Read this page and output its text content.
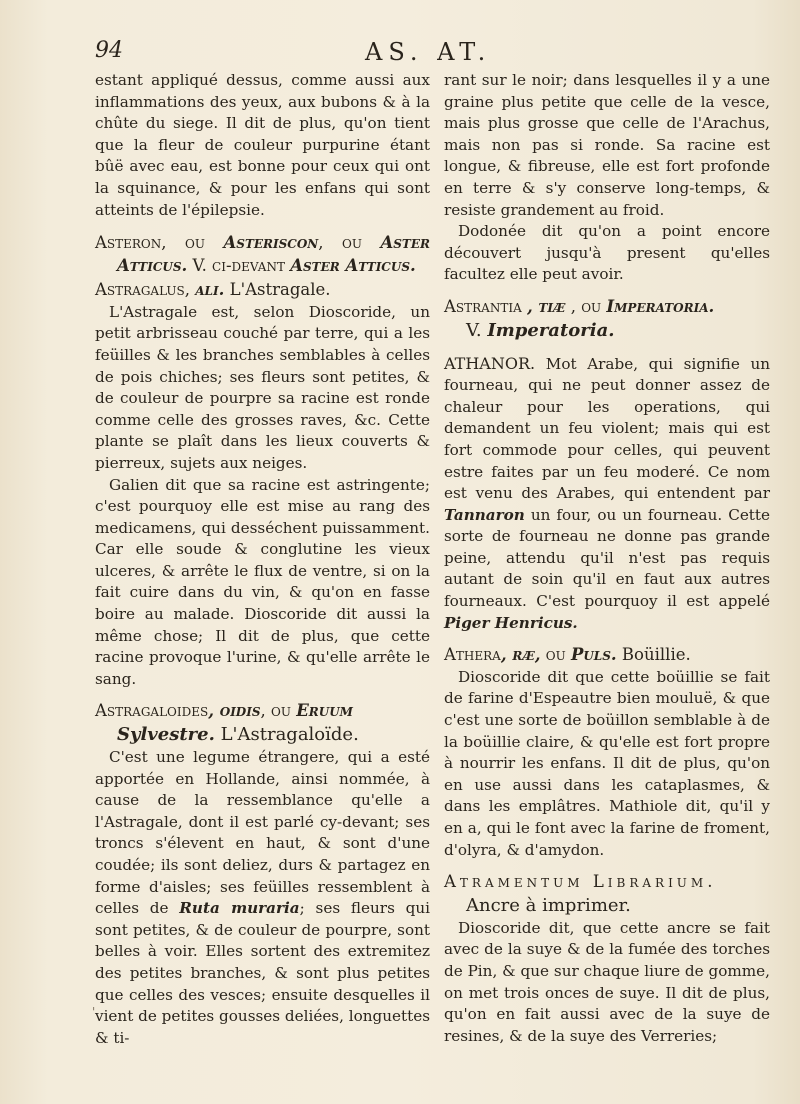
94	AS. AT.

estant appliqué dessus, comme aussi aux inflammations des yeux, aux bubons & à la chûte du siege. Il dit de plus, qu'on tient que la fleur de couleur purpurine étant bûë avec eau, est bonne pour ceux qui ont la squinance, & pour les enfans qui sont atteints de l'épilepsie.

Asteron, ou Asteriscon, ou Aster Atticus. V. ci-devant Aster Atticus.
Astragalus, ali. L'Astragale.

L'Astragale est, selon Dioscoride, un petit arbrisseau couché par terre, qui a les feüilles & les branches semblables à celles de pois chiches; ses fleurs sont petites, & de couleur de pourpre sa racine est ronde comme celle des grosses raves, &c. Cette plante se plaît dans les lieux couverts & pierreux, sujets aux neiges.

Galien dit que sa racine est astringente; c'est pourquoy elle est mise au rang des medicamens, qui desséchent puissamment. Car elle soude & conglutine les vieux ulceres, & arrête le flux de ventre, si on la fait cuire dans du vin, & qu'on en fasse boire au malade. Dioscoride dit aussi la même chose; Il dit de plus, que cette racine provoque l'urine, & qu'elle arrête le sang.

Astragaloides, oidis, ou Eruum
Sylvestre. L'Astragaloïde.

C'est une legume étrangere, qui a esté apportée en Hollande, ainsi nommée, à cause de la ressemblance qu'elle a l'Astragale, dont il est parlé cy-devant; ses troncs s'élevent en haut, & sont d'une coudée; ils sont deliez, durs & partagez en forme d'aisles; ses feüilles ressemblent à celles de Ruta muraria; ses fleurs qui sont petites, & de couleur de pourpre, sont belles à voir. Elles sortent des extremitez des petites branches, & sont plus petites que celles des vesces; ensuite desquelles il vient de petites gousses deliées, longuettes & ti-

rant sur le noir; dans lesquelles il y a une graine plus petite que celle de la vesce, mais plus grosse que celle de l'Arachus, mais non pas si ronde. Sa racine est longue, & fibreuse, elle est fort profonde en terre & s'y conserve long-temps, & resiste grandement au froid.

Dodonée dit qu'on a point encore découvert jusqu'à present qu'elles facultez elle peut avoir.

Astrantia , tiæ , ou Imperatoria.
V. Imperatoria.

ATHANOR. Mot Arabe, qui signifie un fourneau, qui ne peut donner assez de chaleur pour les operations, qui demandent un feu violent; mais qui est fort commode pour celles, qui peuvent estre faites par un feu moderé. Ce nom est venu des Arabes, qui entendent par Tannaron un four, ou un fourneau. Cette sorte de fourneau ne donne pas grande peine, attendu qu'il n'est pas requis autant de soin qu'il en faut aux autres fourneaux. C'est pourquoy il est appelé Piger Henricus.

Athera, ræ, ou Puls. Boüillie.

Dioscoride dit que cette boüillie se fait de farine d'Espeautre bien mouluë, & que c'est une sorte de boüillon semblable à de la boüillie claire, & qu'elle est fort propre à nourrir les enfans. Il dit de plus, qu'on en use aussi dans les cataplasmes, & dans les emplâtres. Mathiole dit, qu'il y en a, qui le font avec la farine de froment, d'olyra, & d'amydon.

Atramentum Librarium.
Ancre à imprimer.

Dioscoride dit, que cette ancre se fait avec de la suye & de la fumée des torches de Pin, & que sur chaque liure de gomme, on met trois onces de suye. Il dit de plus, qu'on en fait aussi avec de la suye de resines, & de la suye des Verreries;

'
